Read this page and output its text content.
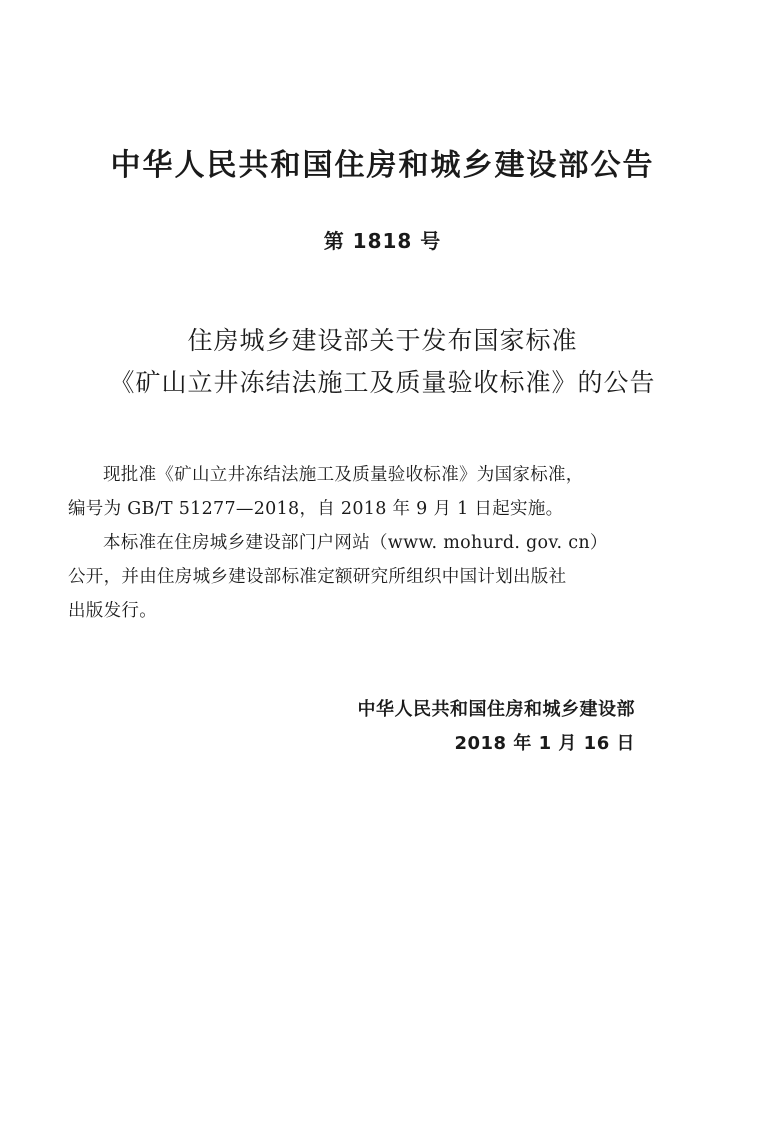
中华人民共和国住房和城乡建设部公告
第 1818 号
住房城乡建设部关于发布国家标准
《矿山立井冻结法施工及质量验收标准》的公告
现批准《矿山立井冻结法施工及质量验收标准》为国家标准，
编号为 GB/T 51277—2018，自 2018 年 9 月 1 日起实施。
本标准在住房城乡建设部门户网站（www. mohurd. gov. cn）
公开，并由住房城乡建设部标准定额研究所组织中国计划出版社
出版发行。
中华人民共和国住房和城乡建设部
2018 年 1 月 16 日
